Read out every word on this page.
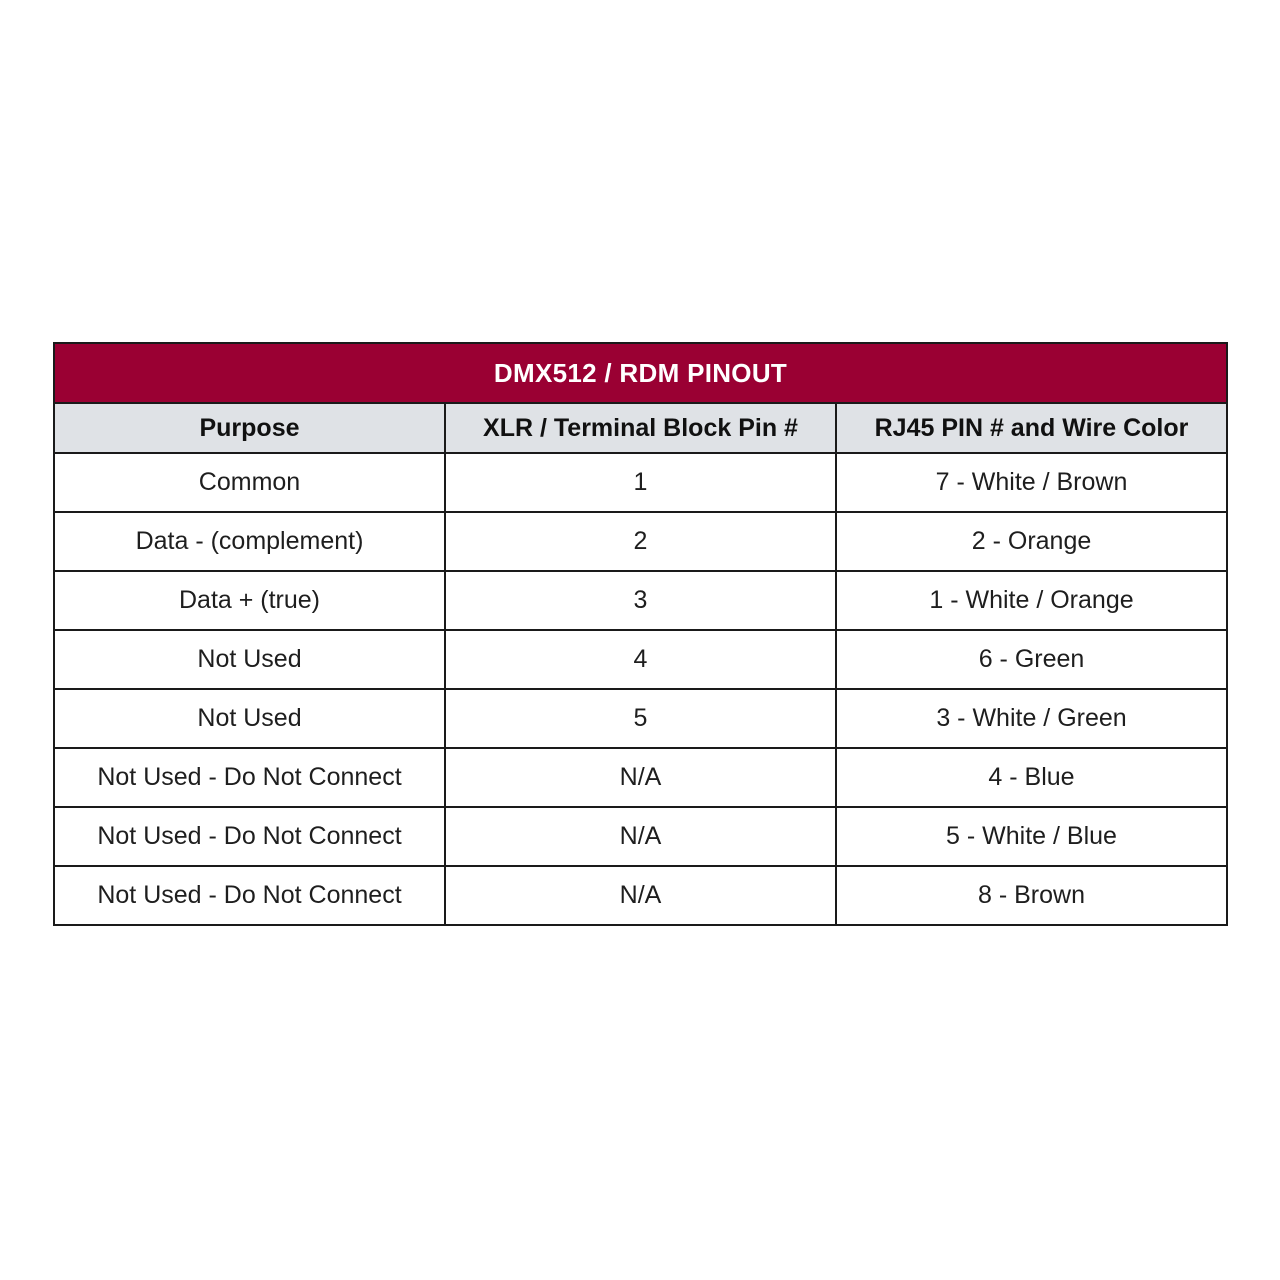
DMX512 / RDM PINOUT		
Purpose	XLR / Terminal Block Pin #	RJ45 PIN # and Wire Color
Common	1	7 - White / Brown
Data - (complement)	2	2 - Orange
Data + (true)	3	1 - White / Orange
Not Used	4	6 - Green
Not Used	5	3 - White / Green
Not Used - Do Not Connect	N/A	4 - Blue
Not Used - Do Not Connect	N/A	5 - White / Blue
Not Used - Do Not Connect	N/A	8 - Brown
